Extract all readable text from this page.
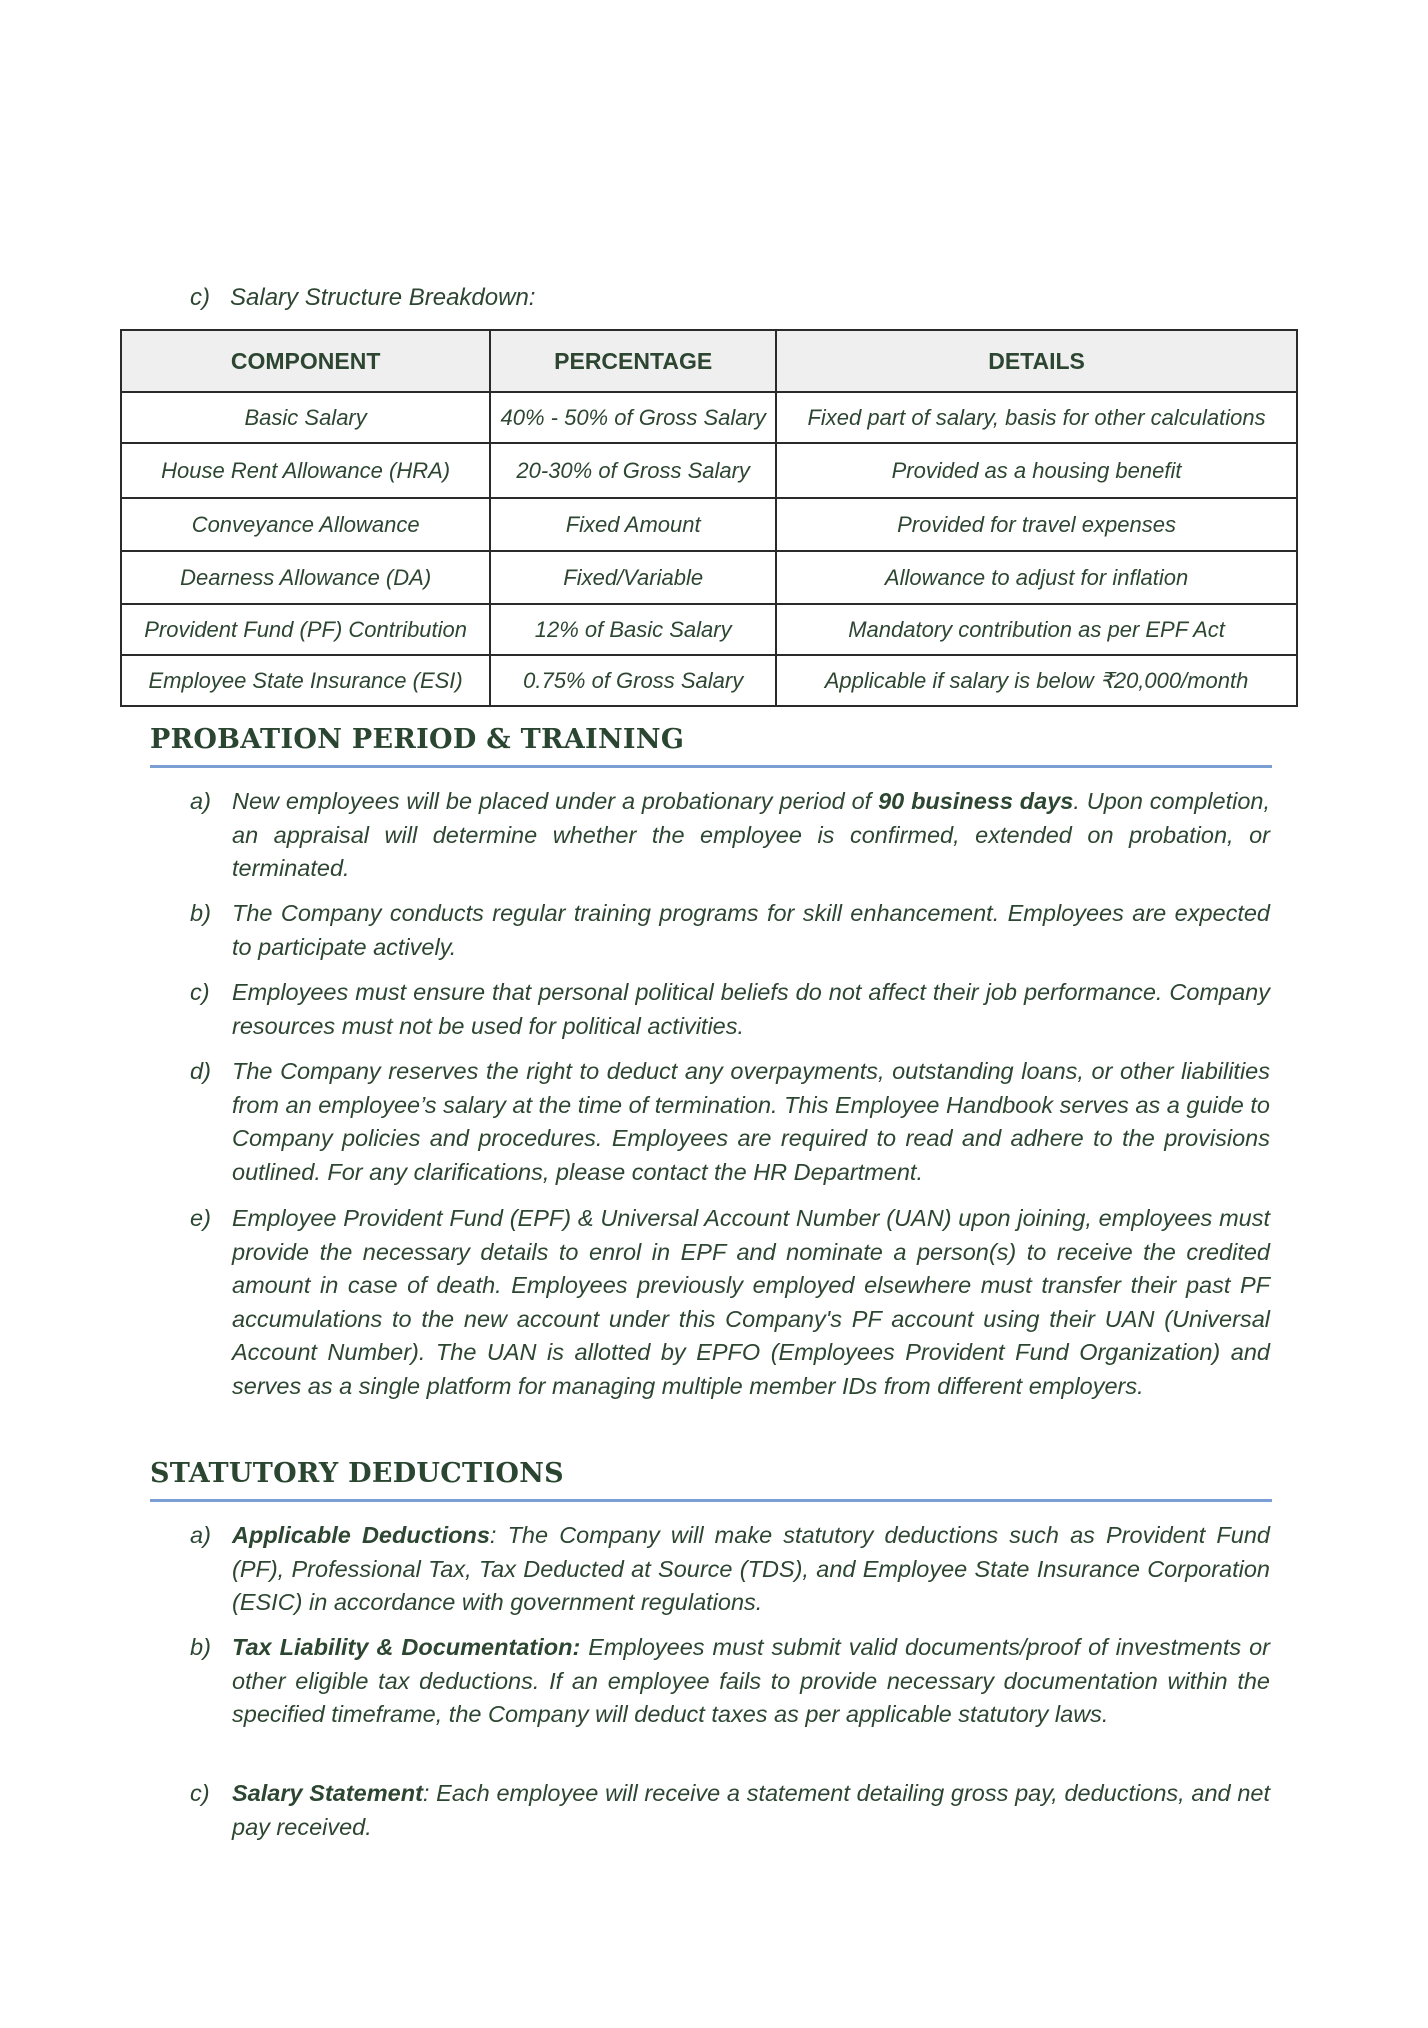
c) Salary Structure Breakdown:
COMPONENT	PERCENTAGE	DETAILS
Basic Salary	40% - 50% of Gross Salary	Fixed part of salary, basis for other calculations
House Rent Allowance (HRA)	20-30% of Gross Salary	Provided as a housing benefit
Conveyance Allowance	Fixed Amount	Provided for travel expenses
Dearness Allowance (DA)	Fixed/Variable	Allowance to adjust for inflation
Provident Fund (PF) Contribution	12% of Basic Salary	Mandatory contribution as per EPF Act
Employee State Insurance (ESI)	0.75% of Gross Salary	Applicable if salary is below ₹20,000/month
PROBATION PERIOD & TRAINING
a) New employees will be placed under a probationary period of 90 business days. Upon completion, an appraisal will determine whether the employee is confirmed, extended on probation, or terminated.
b) The Company conducts regular training programs for skill enhancement. Employees are expected to participate actively.
c) Employees must ensure that personal political beliefs do not affect their job performance. Company resources must not be used for political activities.
d) The Company reserves the right to deduct any overpayments, outstanding loans, or other liabilities from an employee’s salary at the time of termination. This Employee Handbook serves as a guide to Company policies and procedures. Employees are required to read and adhere to the provisions outlined. For any clarifications, please contact the HR Department.
e) Employee Provident Fund (EPF) & Universal Account Number (UAN) upon joining, employees must provide the necessary details to enrol in EPF and nominate a person(s) to receive the credited amount in case of death. Employees previously employed elsewhere must transfer their past PF accumulations to the new account under this Company's PF account using their UAN (Universal Account Number). The UAN is allotted by EPFO (Employees Provident Fund Organization) and serves as a single platform for managing multiple member IDs from different employers.
STATUTORY DEDUCTIONS
a) Applicable Deductions: The Company will make statutory deductions such as Provident Fund (PF), Professional Tax, Tax Deducted at Source (TDS), and Employee State Insurance Corporation (ESIC) in accordance with government regulations.
b) Tax Liability & Documentation: Employees must submit valid documents/proof of investments or other eligible tax deductions. If an employee fails to provide necessary documentation within the specified timeframe, the Company will deduct taxes as per applicable statutory laws.
c) Salary Statement: Each employee will receive a statement detailing gross pay, deductions, and net pay received.
